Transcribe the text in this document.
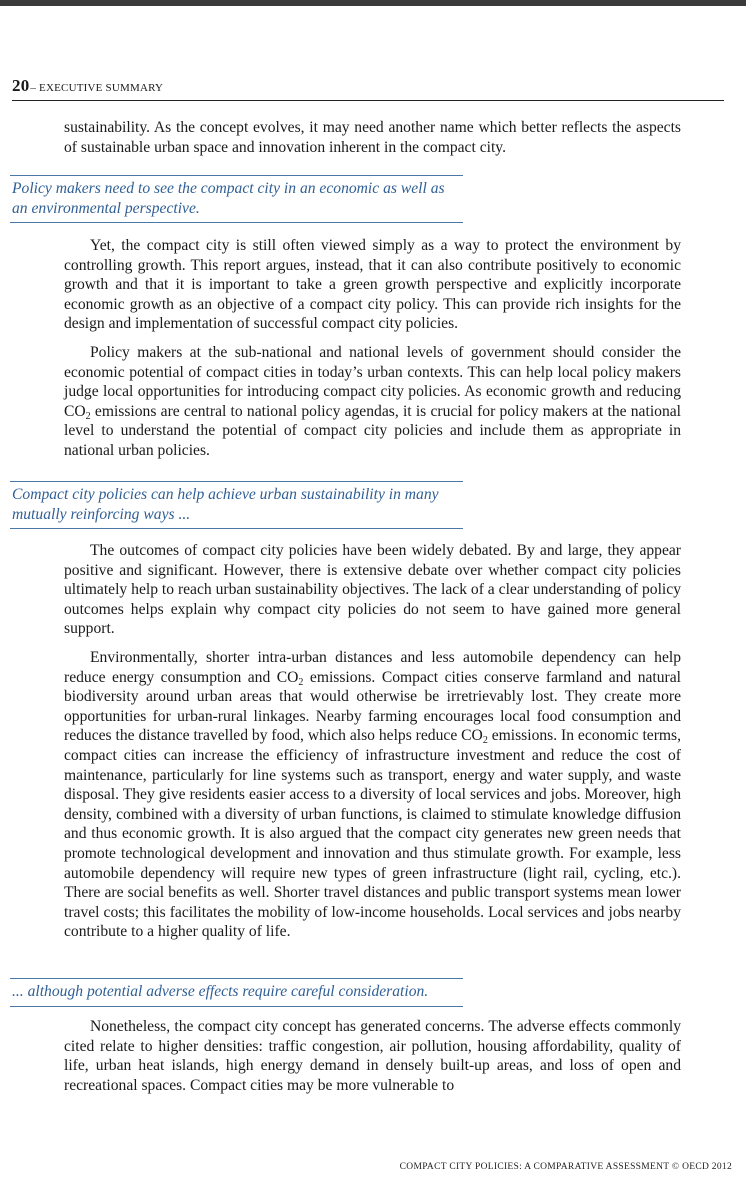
20 – EXECUTIVE SUMMARY

sustainability. As the concept evolves, it may need another name which better reflects the aspects of sustainable urban space and innovation inherent in the compact city.

Policy makers need to see the compact city in an economic as well as an environmental perspective.

Yet, the compact city is still often viewed simply as a way to protect the environment by controlling growth. This report argues, instead, that it can also contribute positively to economic growth and that it is important to take a green growth perspective and explicitly incorporate economic growth as an objective of a compact city policy. This can provide rich insights for the design and implementation of successful compact city policies.

Policy makers at the sub-national and national levels of government should consider the economic potential of compact cities in today’s urban contexts. This can help local policy makers judge local opportunities for introducing compact city policies. As economic growth and reducing $CO_2$ emissions are central to national policy agendas, it is crucial for policy makers at the national level to understand the potential of compact city policies and include them as appropriate in national urban policies.

Compact city policies can help achieve urban sustainability in many mutually reinforcing ways ...

The outcomes of compact city policies have been widely debated. By and large, they appear positive and significant. However, there is extensive debate over whether compact city policies ultimately help to reach urban sustainability objectives. The lack of a clear understanding of policy outcomes helps explain why compact city policies do not seem to have gained more general support.

Environmentally, shorter intra-urban distances and less automobile dependency can help reduce energy consumption and $CO_2$ emissions. Compact cities conserve farmland and natural biodiversity around urban areas that would otherwise be irretrievably lost. They create more opportunities for urban-rural linkages. Nearby farming encourages local food consumption and reduces the distance travelled by food, which also helps reduce $CO_2$ emissions. In economic terms, compact cities can increase the efficiency of infrastructure investment and reduce the cost of maintenance, particularly for line systems such as transport, energy and water supply, and waste disposal. They give residents easier access to a diversity of local services and jobs. Moreover, high density, combined with a diversity of urban functions, is claimed to stimulate knowledge diffusion and thus economic growth. It is also argued that the compact city generates new green needs that promote technological development and innovation and thus stimulate growth. For example, less automobile dependency will require new types of green infrastructure (light rail, cycling, etc.). There are social benefits as well. Shorter travel distances and public transport systems mean lower travel costs; this facilitates the mobility of low-income households. Local services and jobs nearby contribute to a higher quality of life.

... although potential adverse effects require careful consideration.

Nonetheless, the compact city concept has generated concerns. The adverse effects commonly cited relate to higher densities: traffic congestion, air pollution, housing affordability, quality of life, urban heat islands, high energy demand in densely built-up areas, and loss of open and recreational spaces. Compact cities may be more vulnerable to

COMPACT CITY POLICIES: A COMPARATIVE ASSESSMENT © OECD 2012
